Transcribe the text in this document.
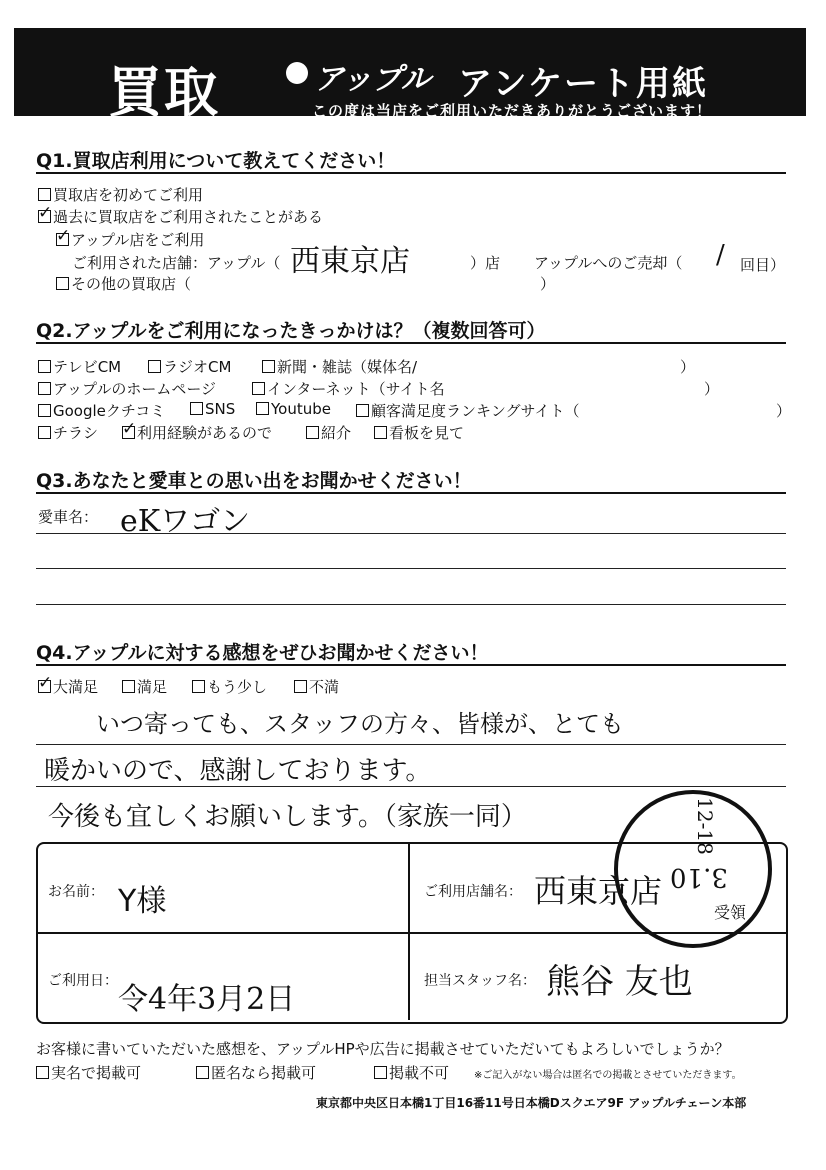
買取	アップル アンケート用紙
この度は当店をご利用いただきありがとうございます！
Q1.買取店利用について教えてください！
買取店を初めてご利用
✓過去に買取店をご利用されたことがある
✓アップル店をご利用
ご利用された店舗：アップル（ 西東京店	）店 アップルへのご売却（ / 回目）
その他の買取店（	）
Q2.アップルをご利用になったきっかけは？（複数回答可）
テレビCM	ラジオCM	新聞・雑誌（媒体名/	）
アップルのホームページ	インターネット（サイト名	）
Googleクチコミ	SNS	Youtube	顧客満足度ランキングサイト（	）
チラシ
✓	利用経験があるので	紹介	看板を見て
Q3.あなたと愛車との思い出をお聞かせください！
愛車名： eKワゴン
Q4.アップルに対する感想をぜひお聞かせください！
✓大満足	満足	もう少し	不満
いつ寄っても、スタッフの方々、皆様が、とても
暖かいので、感謝しております。
今後も宜しくお願いします。（家族一同）
お名前： Y様	ご利用店舗名： 西東京店
ご利用日：
令4年3月2日
担当スタッフ名： 熊谷 友也
12-18
3.10
受領
お客様に書いていただいた感想を、アップルHPや広告に掲載させていただいてもよろしいでしょうか？
実名で掲載可	匿名なら掲載可	掲載不可 ※ご記入がない場合は匿名での掲載とさせていただきます。
東京都中央区日本橋1丁目16番11号日本橋Dスクエア9F アップルチェーン本部
